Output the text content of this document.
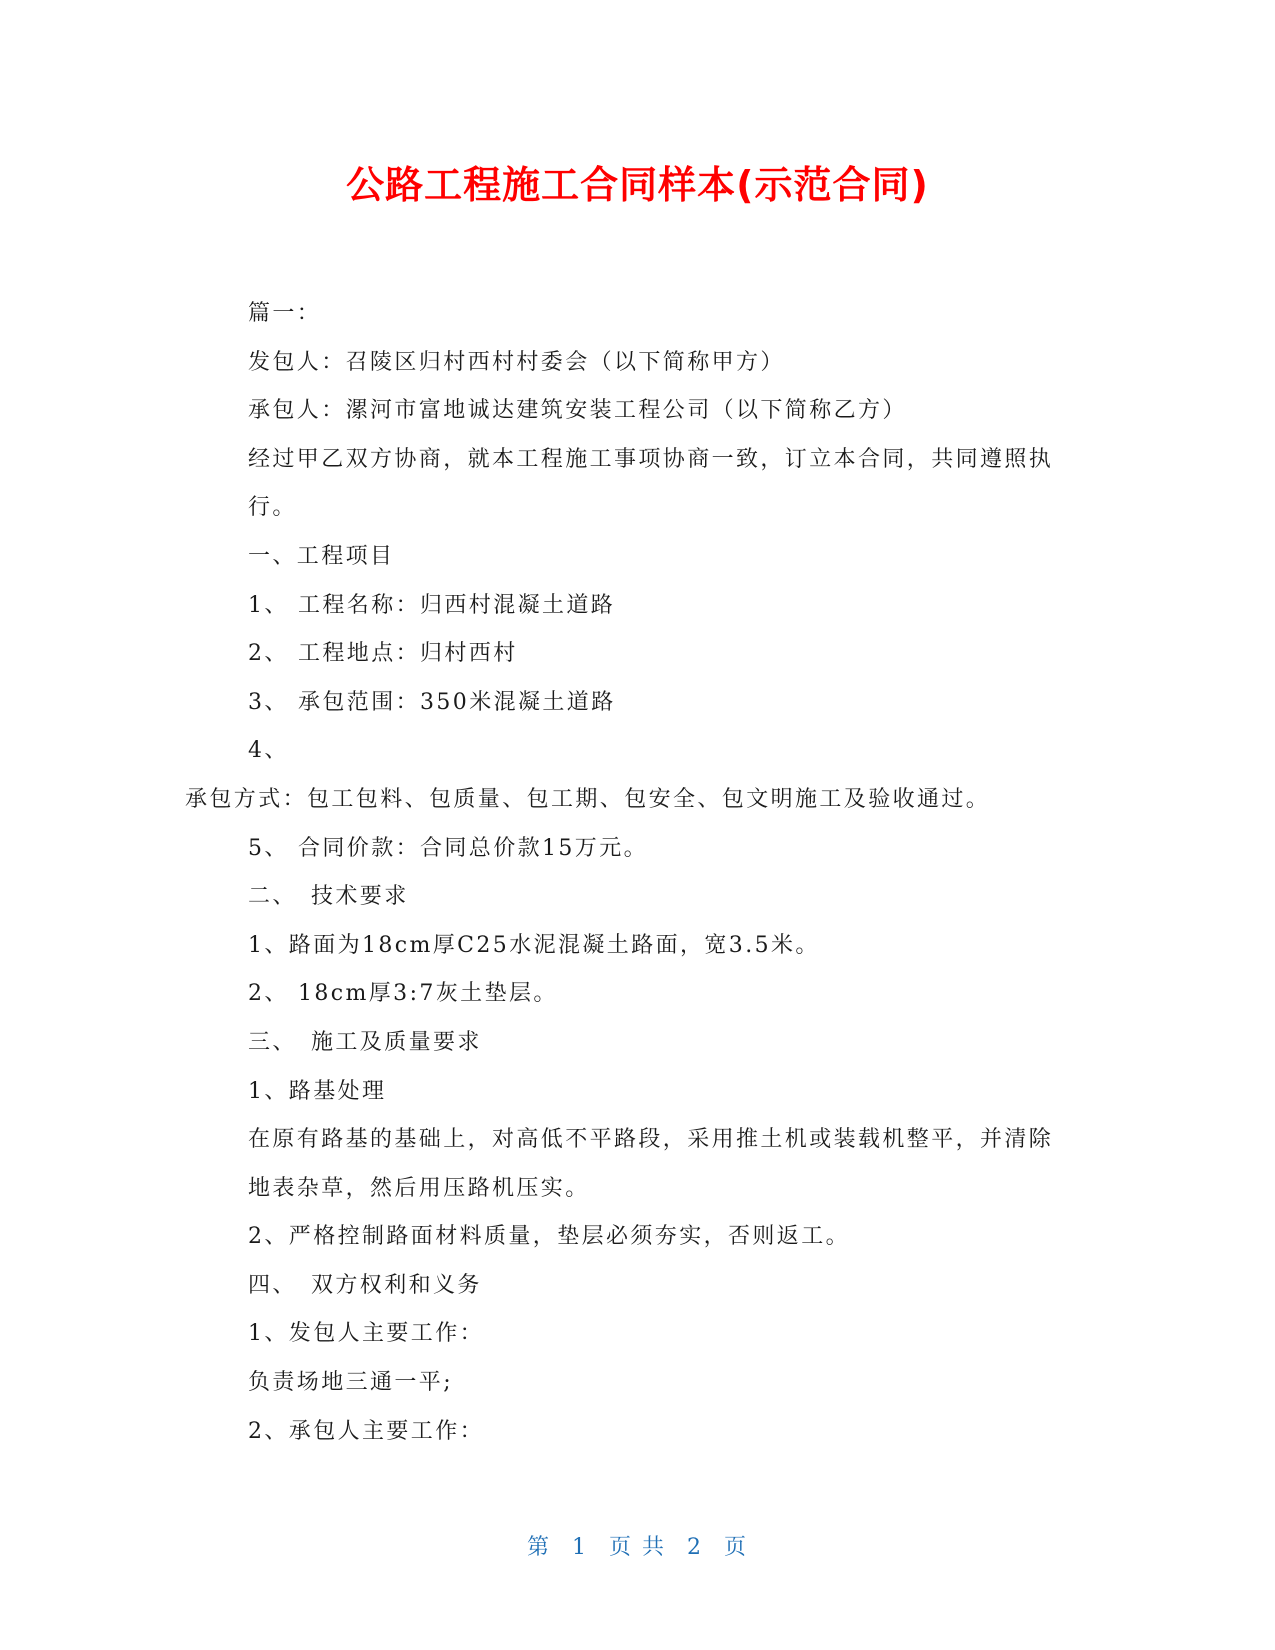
公路工程施工合同样本(示范合同)

篇一：

发包人：召陵区归村西村村委会（以下简称甲方）

承包人：漯河市富地诚达建筑安装工程公司（以下简称乙方）

经过甲乙双方协商，就本工程施工事项协商一致，订立本合同，共同遵照执行。

一、工程项目

1、 工程名称：归西村混凝土道路

2、 工程地点：归村西村

3、 承包范围：350米混凝土道路

4、

承包方式：包工包料、包质量、包工期、包安全、包文明施工及验收通过。

5、 合同价款：合同总价款15万元。

二、 技术要求

1、路面为18cm厚C25水泥混凝土路面，宽3.5米。

2、 18cm厚3:7灰土垫层。

三、 施工及质量要求

1、路基处理

在原有路基的基础上，对高低不平路段，采用推土机或装载机整平，并清除地表杂草，然后用压路机压实。

2、严格控制路面材料质量，垫层必须夯实，否则返工。

四、 双方权利和义务

1、发包人主要工作：

负责场地三通一平;

2、承包人主要工作：

第 1 页 共 2 页
